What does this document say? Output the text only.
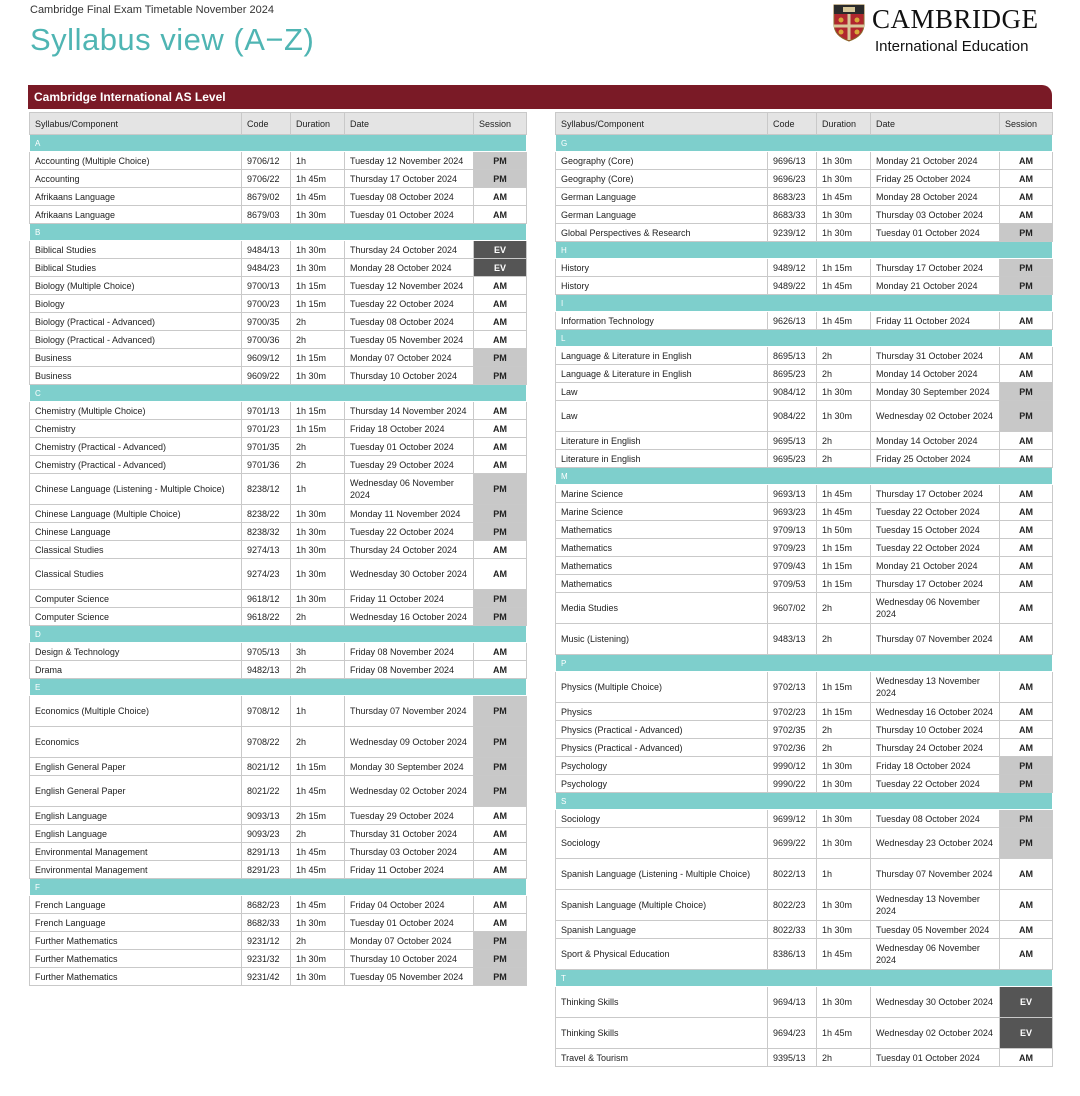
Cambridge Final Exam Timetable November 2024
Syllabus view (A−Z)
CAMBRIDGE
International Education
Cambridge International AS Level
Syllabus/Component	Code	Duration	Date	Session
A				
Accounting (Multiple Choice)	9706/12	1h	Tuesday 12 November 2024	PM
Accounting	9706/22	1h 45m	Thursday 17 October 2024	PM
Afrikaans Language	8679/02	1h 45m	Tuesday 08 October 2024	AM
Afrikaans Language	8679/03	1h 30m	Tuesday 01 October 2024	AM
B				
Biblical Studies	9484/13	1h 30m	Thursday 24 October 2024	EV
Biblical Studies	9484/23	1h 30m	Monday 28 October 2024	EV
Biology (Multiple Choice)	9700/13	1h 15m	Tuesday 12 November 2024	AM
Biology	9700/23	1h 15m	Tuesday 22 October 2024	AM
Biology (Practical - Advanced)	9700/35	2h	Tuesday 08 October 2024	AM
Biology (Practical - Advanced)	9700/36	2h	Tuesday 05 November 2024	AM
Business	9609/12	1h 15m	Monday 07 October 2024	PM
Business	9609/22	1h 30m	Thursday 10 October 2024	PM
C				
Chemistry (Multiple Choice)	9701/13	1h 15m	Thursday 14 November 2024	AM
Chemistry	9701/23	1h 15m	Friday 18 October 2024	AM
Chemistry (Practical - Advanced)	9701/35	2h	Tuesday 01 October 2024	AM
Chemistry (Practical - Advanced)	9701/36	2h	Tuesday 29 October 2024	AM
Chinese Language (Listening - Multiple Choice)	8238/12	1h	Wednesday 06 November 2024	PM
Chinese Language (Multiple Choice)	8238/22	1h 30m	Monday 11 November 2024	PM
Chinese Language	8238/32	1h 30m	Tuesday 22 October 2024	PM
Classical Studies	9274/13	1h 30m	Thursday 24 October 2024	AM
Classical Studies	9274/23	1h 30m	Wednesday 30 October 2024	AM
Computer Science	9618/12	1h 30m	Friday 11 October 2024	PM
Computer Science	9618/22	2h	Wednesday 16 October 2024	PM
D				
Design & Technology	9705/13	3h	Friday 08 November 2024	AM
Drama	9482/13	2h	Friday 08 November 2024	AM
E				
Economics (Multiple Choice)	9708/12	1h	Thursday 07 November 2024	PM
Economics	9708/22	2h	Wednesday 09 October 2024	PM
English General Paper	8021/12	1h 15m	Monday 30 September 2024	PM
English General Paper	8021/22	1h 45m	Wednesday 02 October 2024	PM
English Language	9093/13	2h 15m	Tuesday 29 October 2024	AM
English Language	9093/23	2h	Thursday 31 October 2024	AM
Environmental Management	8291/13	1h 45m	Thursday 03 October 2024	AM
Environmental Management	8291/23	1h 45m	Friday 11 October 2024	AM
F				
French Language	8682/23	1h 45m	Friday 04 October 2024	AM
French Language	8682/33	1h 30m	Tuesday 01 October 2024	AM
Further Mathematics	9231/12	2h	Monday 07 October 2024	PM
Further Mathematics	9231/32	1h 30m	Thursday 10 October 2024	PM
Further Mathematics	9231/42	1h 30m	Tuesday 05 November 2024	PM
Syllabus/Component	Code	Duration	Date	Session
G				
Geography (Core)	9696/13	1h 30m	Monday 21 October 2024	AM
Geography (Core)	9696/23	1h 30m	Friday 25 October 2024	AM
German Language	8683/23	1h 45m	Monday 28 October 2024	AM
German Language	8683/33	1h 30m	Thursday 03 October 2024	AM
Global Perspectives & Research	9239/12	1h 30m	Tuesday 01 October 2024	PM
H				
History	9489/12	1h 15m	Thursday 17 October 2024	PM
History	9489/22	1h 45m	Monday 21 October 2024	PM
I				
Information Technology	9626/13	1h 45m	Friday 11 October 2024	AM
L				
Language & Literature in English	8695/13	2h	Thursday 31 October 2024	AM
Language & Literature in English	8695/23	2h	Monday 14 October 2024	AM
Law	9084/12	1h 30m	Monday 30 September 2024	PM
Law	9084/22	1h 30m	Wednesday 02 October 2024	PM
Literature in English	9695/13	2h	Monday 14 October 2024	AM
Literature in English	9695/23	2h	Friday 25 October 2024	AM
M				
Marine Science	9693/13	1h 45m	Thursday 17 October 2024	AM
Marine Science	9693/23	1h 45m	Tuesday 22 October 2024	AM
Mathematics	9709/13	1h 50m	Tuesday 15 October 2024	AM
Mathematics	9709/23	1h 15m	Tuesday 22 October 2024	AM
Mathematics	9709/43	1h 15m	Monday 21 October 2024	AM
Mathematics	9709/53	1h 15m	Thursday 17 October 2024	AM
Media Studies	9607/02	2h	Wednesday 06 November 2024	AM
Music (Listening)	9483/13	2h	Thursday 07 November 2024	AM
P				
Physics (Multiple Choice)	9702/13	1h 15m	Wednesday 13 November 2024	AM
Physics	9702/23	1h 15m	Wednesday 16 October 2024	AM
Physics (Practical - Advanced)	9702/35	2h	Thursday 10 October 2024	AM
Physics (Practical - Advanced)	9702/36	2h	Thursday 24 October 2024	AM
Psychology	9990/12	1h 30m	Friday 18 October 2024	PM
Psychology	9990/22	1h 30m	Tuesday 22 October 2024	PM
S				
Sociology	9699/12	1h 30m	Tuesday 08 October 2024	PM
Sociology	9699/22	1h 30m	Wednesday 23 October 2024	PM
Spanish Language (Listening - Multiple Choice)	8022/13	1h	Thursday 07 November 2024	AM
Spanish Language (Multiple Choice)	8022/23	1h 30m	Wednesday 13 November 2024	AM
Spanish Language	8022/33	1h 30m	Tuesday 05 November 2024	AM
Sport & Physical Education	8386/13	1h 45m	Wednesday 06 November 2024	AM
T				
Thinking Skills	9694/13	1h 30m	Wednesday 30 October 2024	EV
Thinking Skills	9694/23	1h 45m	Wednesday 02 October 2024	EV
Travel & Tourism	9395/13	2h	Tuesday 01 October 2024	AM
